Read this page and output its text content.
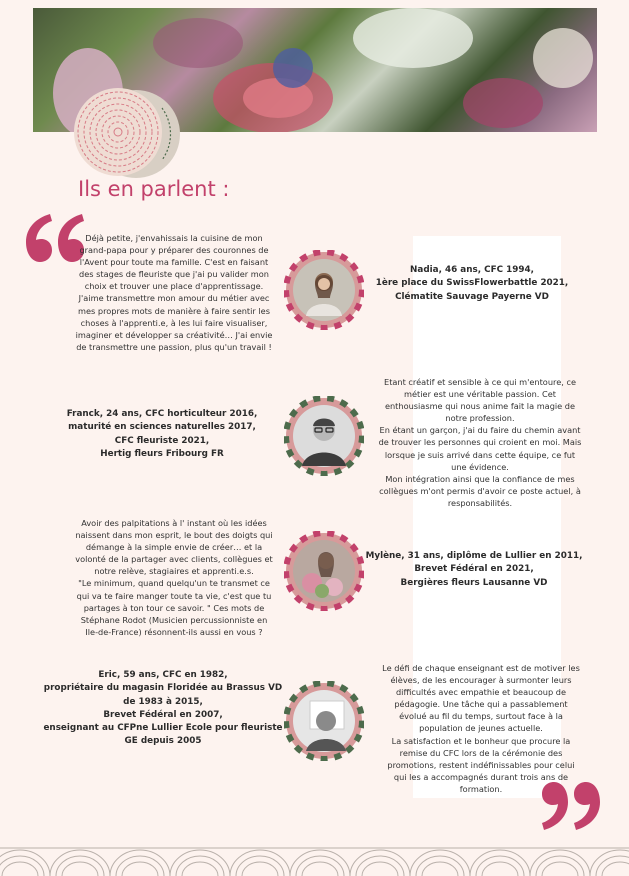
Ils en parlent :
Déjà petite, j'envahissais la cuisine de mon
grand-papa pour y préparer des couronnes de
l'Avent pour toute ma famille. C'est en faisant
des stages de fleuriste que j'ai pu valider mon
choix et trouver une place d'apprentissage.
J'aime transmettre mon amour du métier avec
mes propres mots de manière à faire sentir les
choses à l'apprenti.e, à les lui faire visualiser,
imaginer et développer sa créativité… J'ai envie
de transmettre une passion, plus qu'un travail !
Nadia, 46 ans, CFC 1994,
1ère place du SwissFlowerbattle 2021,
Clématite Sauvage Payerne VD
Franck, 24 ans, CFC horticulteur 2016,
maturité en sciences naturelles 2017,
CFC fleuriste 2021,
Hertig fleurs Fribourg FR
Etant créatif et sensible à ce qui m'entoure, ce
métier est une véritable passion. Cet
enthousiasme qui nous anime fait la magie de
notre profession.
En étant un garçon, j'ai du faire du chemin avant
de trouver les personnes qui croient en moi. Mais
lorsque je suis arrivé dans cette équipe, ce fut
une évidence.
Mon intégration ainsi que la confiance de mes
collègues m'ont permis d'avoir ce poste actuel, à
responsabilités.
Avoir des palpitations à l' instant où les idées
naissent dans mon esprit, le bout des doigts qui
démange à la simple envie de créer… et la
volonté de la partager avec clients, collègues et
notre relève, stagiaires et apprenti.e.s.
"Le minimum, quand quelqu'un te transmet ce
qui va te faire manger toute ta vie, c'est que tu
partages à ton tour ce savoir. " Ces mots de
Stéphane Rodot (Musicien percussionniste en
Ile-de-France) résonnent-ils aussi en vous ?
Mylène, 31 ans, diplôme de Lullier en 2011,
Brevet Fédéral en 2021,
Bergières fleurs Lausanne VD
Eric, 59 ans, CFC en 1982,
propriétaire du magasin Floridée au Brassus VD
de 1983 à 2015,
Brevet Fédéral en 2007,
enseignant au CFPne Lullier Ecole pour fleuriste
GE depuis 2005
Le défi de chaque enseignant est de motiver les
élèves, de les encourager à surmonter leurs
difficultés avec empathie et beaucoup de
pédagogie. Une tâche qui a passablement
évolué au fil du temps, surtout face à la
population de jeunes actuelle.
La satisfaction et le bonheur que procure la
remise du CFC lors de la cérémonie des
promotions, restent indéfinissables pour celui
qui les a accompagnés durant trois ans de
formation.
